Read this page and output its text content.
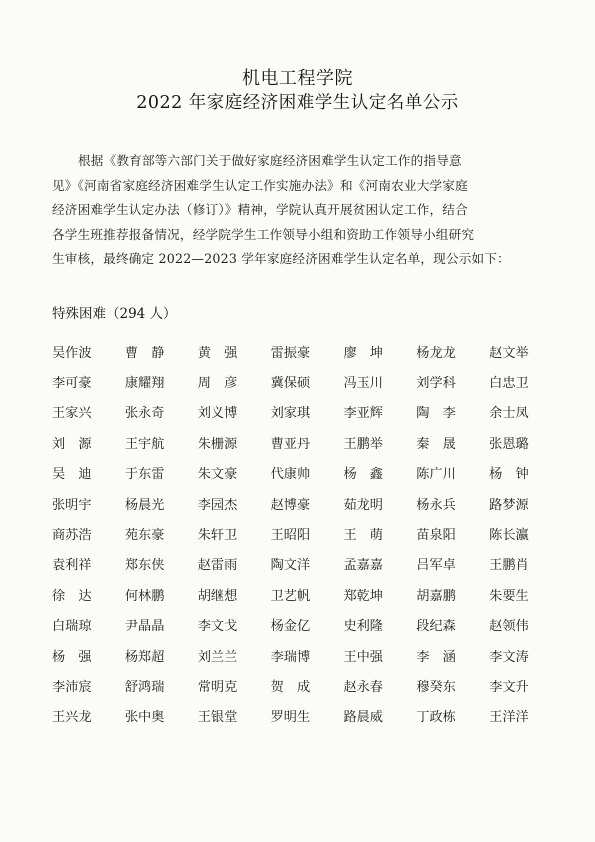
机电工程学院
2022 年家庭经济困难学生认定名单公示
根据《教育部等六部门关于做好家庭经济困难学生认定工作的指导意
见》《河南省家庭经济困难学生认定工作实施办法》和《河南农业大学家庭
经济困难学生认定办法（修订）》精神，学院认真开展贫困认定工作，结合
各学生班推荐报备情况，经学院学生工作领导小组和资助工作领导小组研究
生审核，最终确定 2022—2023 学年家庭经济困难学生认定名单，现公示如下：
特殊困难（294 人）
吴作波	曹　静	黄　强	雷振豪	廖　坤	杨龙龙	赵文举
李可豪	康耀翔	周　彦	冀保硕	冯玉川	刘学科	白忠卫
王家兴	张永奇	刘义博	刘家琪	李亚辉	陶　李	余士凤
刘　源	王宇航	朱栅源	曹亚丹	王鹏举	秦　晟	张恩璐
吴　迪	于东雷	朱文豪	代康帅	杨　鑫	陈广川	杨　钟
张明宇	杨晨光	李园杰	赵博豪	茹龙明	杨永兵	路梦源
商苏浩	苑东豪	朱轩卫	王昭阳	王　萌	苗泉阳	陈长瀛
袁利祥	郑东侠	赵雷雨	陶文洋	孟嘉嘉	吕军卓	王鹏肖
徐　达	何林鹏	胡继想	卫艺帆	郑乾坤	胡嘉鹏	朱要生
白瑞琼	尹晶晶	李文戈	杨金亿	史利隆	段纪森	赵领伟
杨　强	杨郑超	刘兰兰	李瑞博	王中强	李　涵	李文涛
李沛宸	舒鸿瑞	常明克	贺　成	赵永春	穆癸东	李文升
王兴龙	张中奥	王银堂	罗明生	路晨威	丁政栋	王洋洋
